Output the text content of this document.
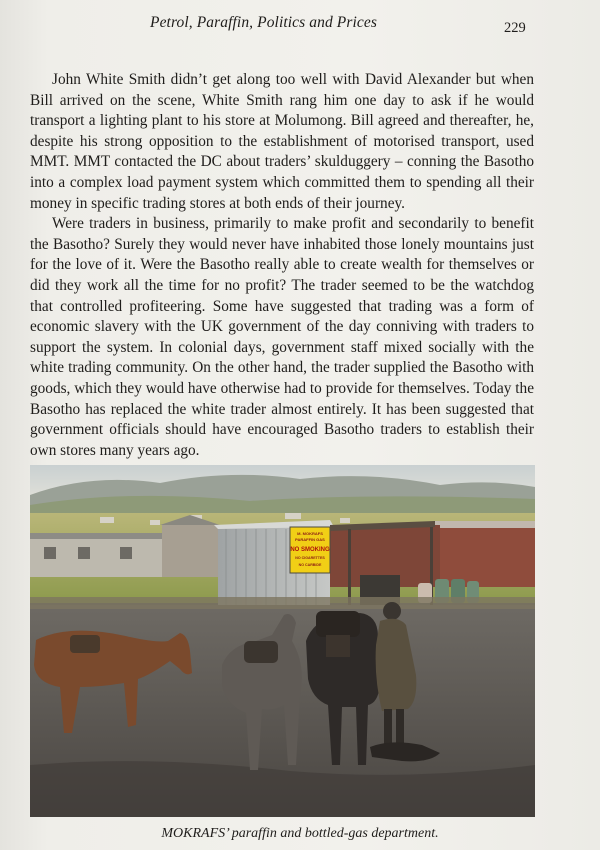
Petrol, Paraffin, Politics and Prices	229

John White Smith didn’t get along too well with David Alexander but when Bill arrived on the scene, White Smith rang him one day to ask if he would transport a lighting plant to his store at Molumong. Bill agreed and thereafter, he, despite his strong opposition to the establishment of motorised transport, used MMT. MMT contacted the DC about traders’ skulduggery – conning the Basotho into a complex load payment system which committed them to spending all their money in specific trading stores at both ends of their journey.

Were traders in business, primarily to make profit and secondarily to benefit the Basotho? Surely they would never have inhabited those lonely mountains just for the love of it. Were the Basotho really able to create wealth for themselves or did they work all the time for no profit? The trader seemed to be the watchdog that controlled profiteering. Some have suggested that trading was a form of economic slavery with the UK government of the day conniving with traders to support the system. In colonial days, government staff mixed socially with the white trading community. On the other hand, the trader supplied the Basotho with goods, which they would have otherwise had to provide for themselves. Today the Basotho has replaced the white trader almost entirely. It has been suggested that government officials should have encouraged Basotho traders to establish their own stores many years ago.

M. MOKRAFS
PARAFFIN GAS
NO SMOKING
NO CIGARETTES
NO CARBIDE
MOKRAFS’ paraffin and bottled-gas department.
